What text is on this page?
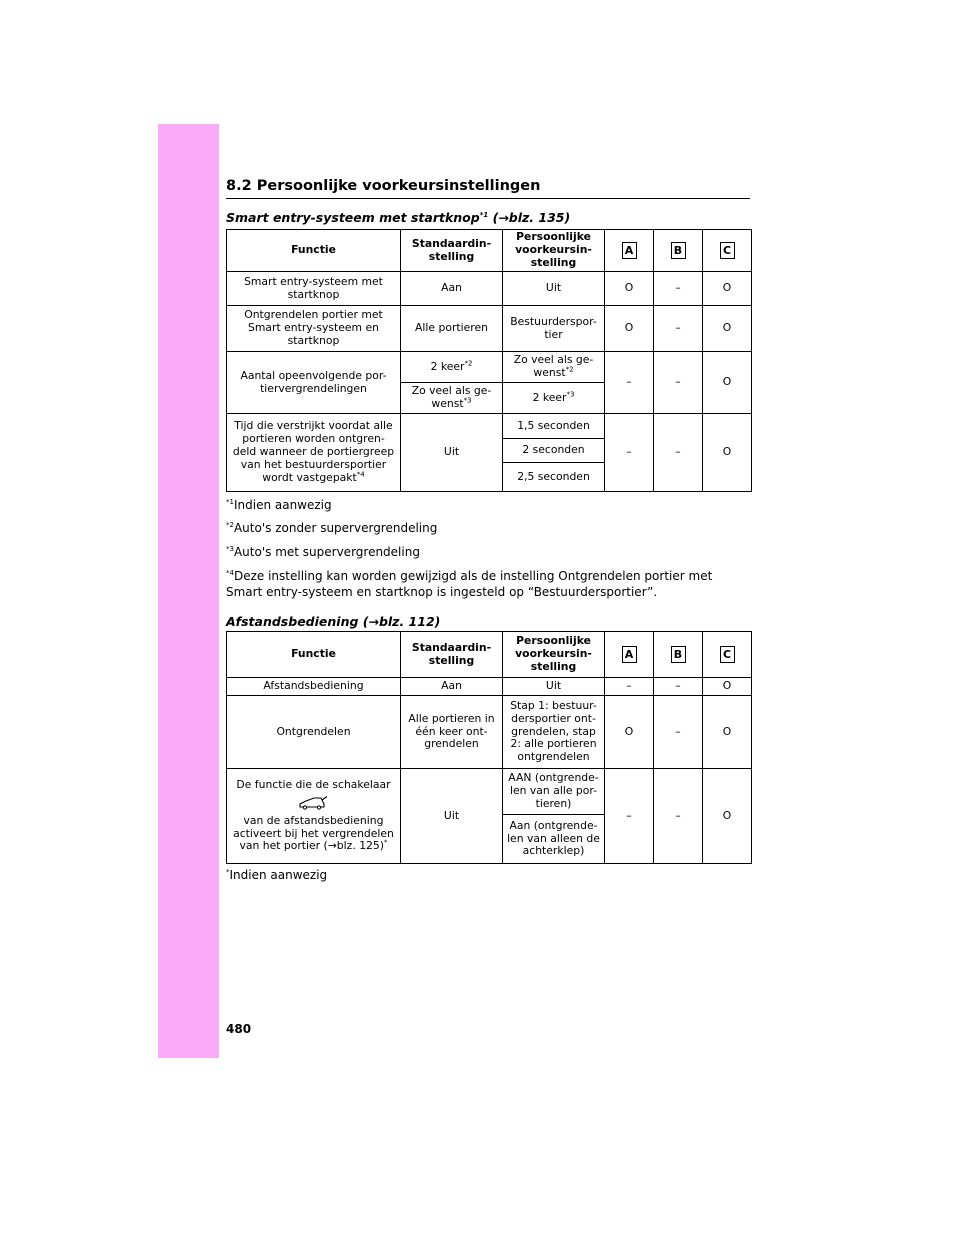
8.2 Persoonlijke voorkeursinstellingen
Smart entry-systeem met startknop$^{*1}$ (→blz. 135)
Functie	Standaardin- stelling	Persoonlijke voorkeursin- stelling	A	B	C
Smart entry-systeem met startknop	Aan	Uit	O	–	O
Ontgrendelen portier met Smart entry-systeem en startknop	Alle portieren	Bestuurderspor- tier	O	–	O
Aantal opeenvolgende por- tiervergrendelingen	2 keer$^{*2}$	Zo veel als ge- wenst$^{*2}$	–	–	O
	Zo veel als ge- wenst$^{*3}$	2 keer$^{*3}$
Tijd die verstrijkt voordat alle portieren worden ontgren- deld wanneer de portiergreep van het bestuurdersportier wordt vastgepakt$^{*4}$	Uit	1,5 seconden	–	–	O
		2 seconden			
		2,5 seconden			
$^{*1}$Indien aanwezig
$^{*2}$Auto's zonder supervergrendeling
$^{*3}$Auto's met supervergrendeling
$^{*4}$Deze instelling kan worden gewijzigd als de instelling Ontgrendelen portier met Smart entry-systeem en startknop is ingesteld op “Bestuurdersportier”.
Afstandsbediening (→blz. 112)
Functie	Standaardin- stelling	Persoonlijke voorkeursin- stelling	A	B	C
Afstandsbediening	Aan	Uit	–	–	O
Ontgrendelen	Alle portieren in één keer ont- grendelen	Stap 1: bestuur- dersportier ont- grendelen, stap 2: alle portieren ontgrendelen	O	–	O
De functie die de schakelaar
van de afstandsbediening activeert bij het vergrendelen van het portier (→blz. 125)*	Uit	AAN (ontgrende- len van alle por- tieren)	–	–	O
		Aan (ontgrende- len van alleen de achterklep)			
*Indien aanwezig
480
